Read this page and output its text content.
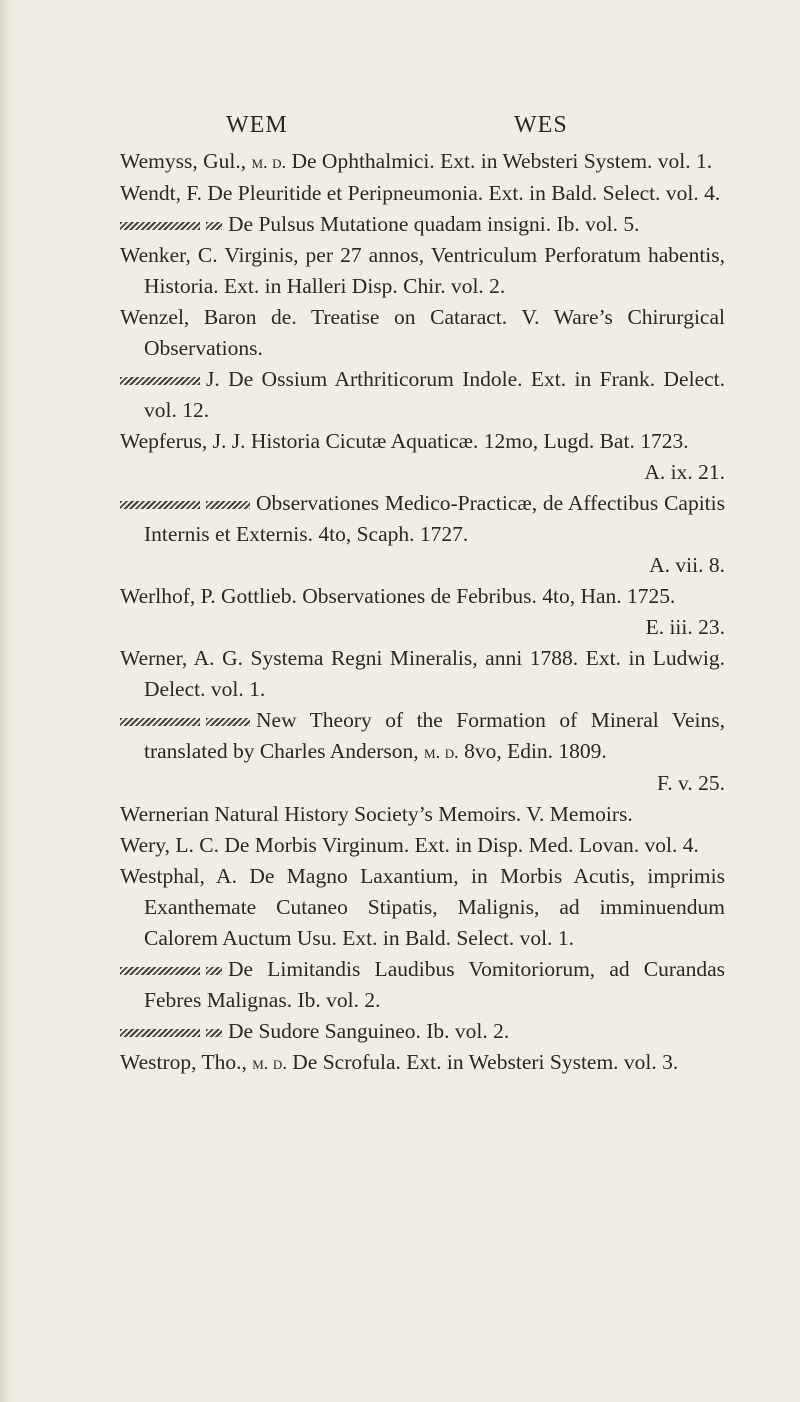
WEM	WES

Wemyss, Gul., m. d. De Ophthalmici. Ext. in Websteri System. vol. 1.

Wendt, F. De Pleuritide et Peripneumonia. Ext. in Bald. Select. vol. 4.

De Pulsus Mutatione quadam insigni. Ib. vol. 5.

Wenker, C. Virginis, per 27 annos, Ventriculum Perforatum habentis, Historia. Ext. in Halleri Disp. Chir. vol. 2.

Wenzel, Baron de. Treatise on Cataract. V. Ware’s Chirurgical Observations.

J. De Ossium Arthriticorum Indole. Ext. in Frank. Delect. vol. 12.

Wepferus, J. J. Historia Cicutæ Aquaticæ. 12mo, Lugd. Bat. 1723.
A. ix. 21.

Observationes Medico-Practicæ, de Affectibus Capitis Internis et Externis. 4to, Scaph. 1727.
A. vii. 8.

Werlhof, P. Gottlieb. Observationes de Febribus. 4to, Han. 1725.
E. iii. 23.

Werner, A. G. Systema Regni Mineralis, anni 1788. Ext. in Ludwig. Delect. vol. 1.

New Theory of the Formation of Mineral Veins, translated by Charles Anderson, m. d. 8vo, Edin. 1809.
F. v. 25.

Wernerian Natural History Society’s Memoirs. V. Memoirs.

Wery, L. C. De Morbis Virginum. Ext. in Disp. Med. Lovan. vol. 4.

Westphal, A. De Magno Laxantium, in Morbis Acutis, imprimis Exanthemate Cutaneo Stipatis, Malignis, ad imminuendum Calorem Auctum Usu. Ext. in Bald. Select. vol. 1.

De Limitandis Laudibus Vomitoriorum, ad Curandas Febres Malignas. Ib. vol. 2.

De Sudore Sanguineo. Ib. vol. 2.

Westrop, Tho., m. d. De Scrofula. Ext. in Websteri System. vol. 3.
